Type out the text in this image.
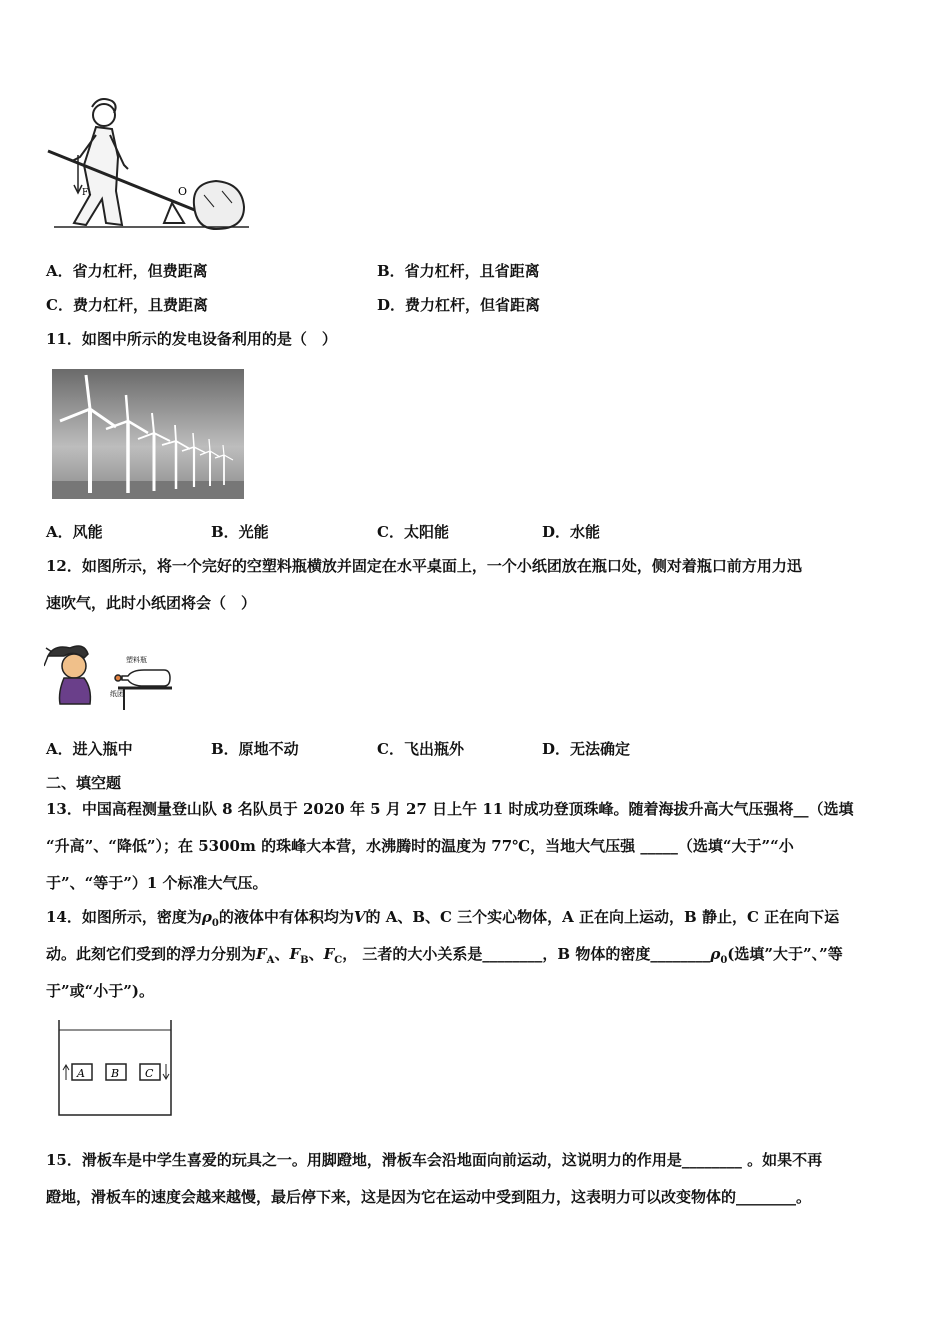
F₁	O
A．省力杠杆，但费距离	B．省力杠杆，且省距离
C．费力杠杆，且费距离	D．费力杠杆，但省距离
11．如图中所示的发电设备利用的是（　）
A．风能	B．光能	C．太阳能	D．水能
12．如图所示，将一个完好的空塑料瓶横放并固定在水平桌面上，一个小纸团放在瓶口处，侧对着瓶口前方用力迅
速吹气，此时小纸团将会（　）
塑料瓶
纸团
A．进入瓶中	B．原地不动	C．飞出瓶外	D．无法确定
二、填空题
13．中国高程测量登山队 8 名队员于 2020 年 5 月 27 日上午 11 时成功登顶珠峰。随着海拔升高大气压强将__（选填
“升高”、“降低”）；在 5300m 的珠峰大本营，水沸腾时的温度为 77℃，当地大气压强 _____（选填“大于”“小
于”、“等于”）1 个标准大气压。
14．如图所示，密度为$\rho_0$的液体中有体积均为V的 A、B、C 三个实心物体，A 正在向上运动，B 静止，C 正在向下运
动。此刻它们受到的浮力分别为$F_A$、$F_B$、$F_C$， 三者的大小关系是________，B 物体的密度$\_\_\_\_\_\_\_\_\rho_0$(选填”大于”、”等
于”或“小于”)。
A B C
15．滑板车是中学生喜爱的玩具之一。用脚蹬地，滑板车会沿地面向前运动，这说明力的作用是________ 。如果不再
蹬地，滑板车的速度会越来越慢，最后停下来，这是因为它在运动中受到阻力，这表明力可以改变物体的________。
